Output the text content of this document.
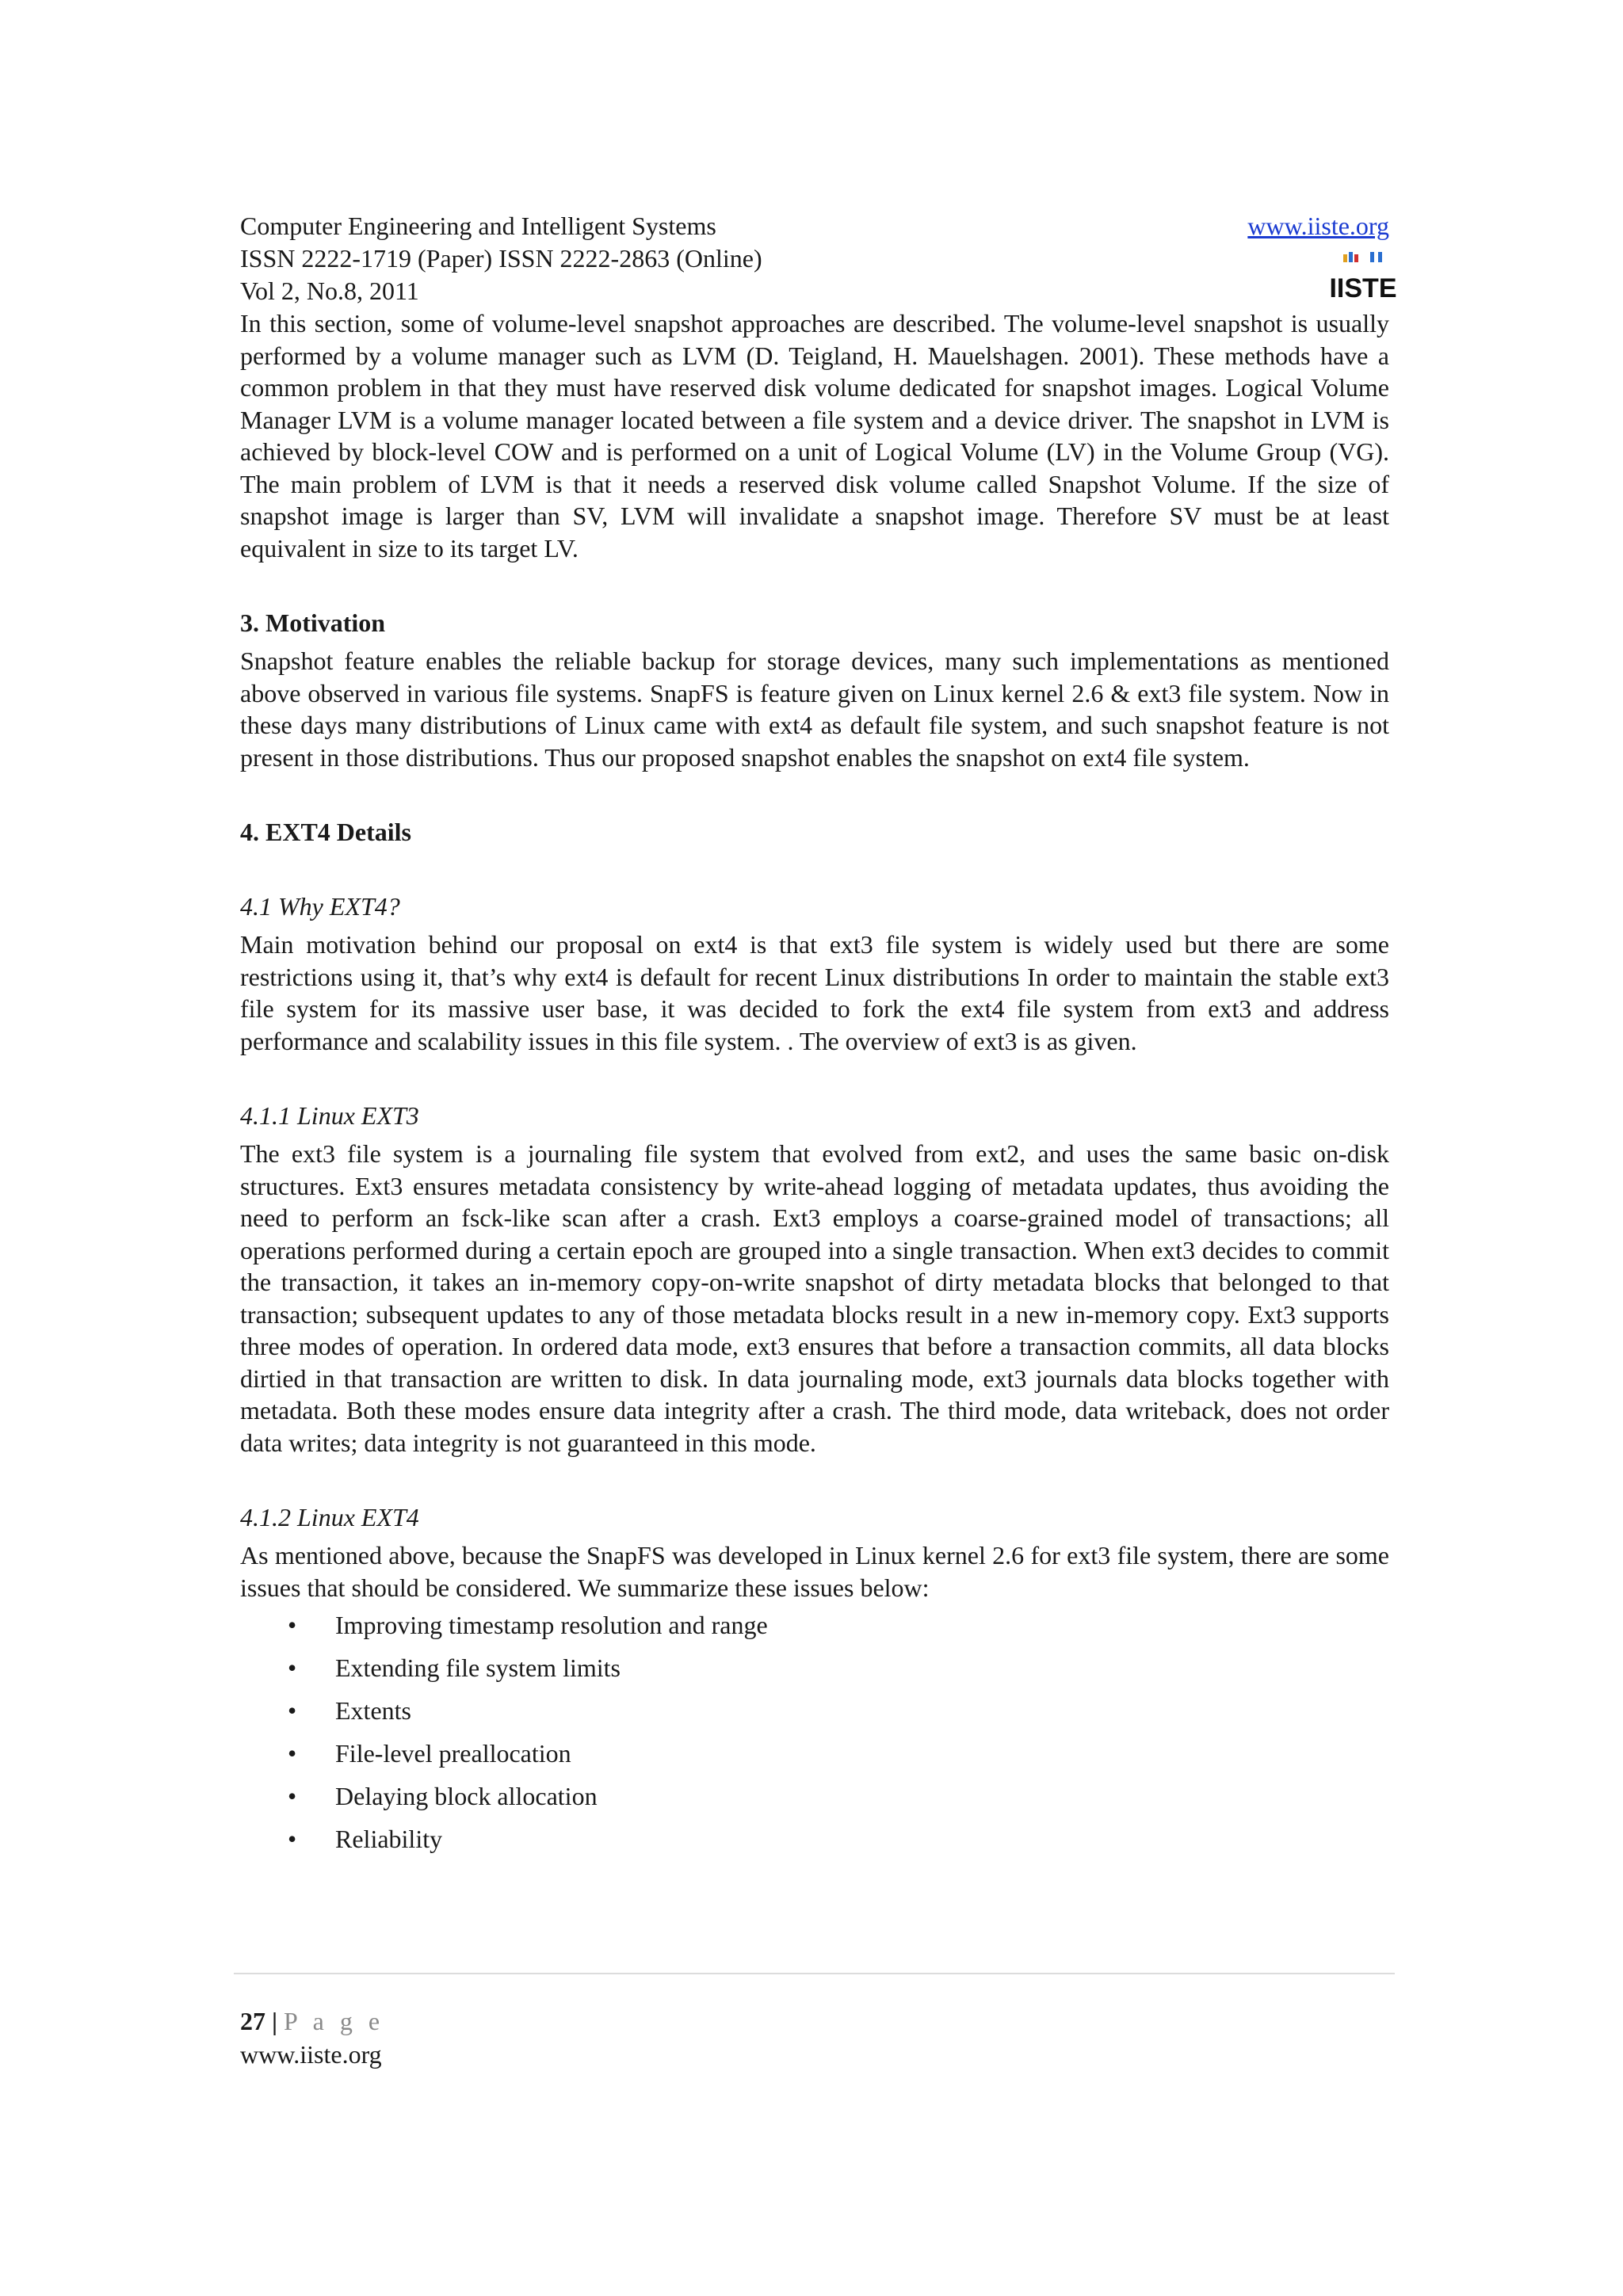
Computer Engineering and Intelligent Systems
ISSN 2222-1719 (Paper) ISSN 2222-2863 (Online)
Vol 2, No.8, 2011
www.iiste.org
IISTE

In this section, some of volume-level snapshot approaches are described. The volume-level snapshot is usually performed by a volume manager such as LVM (D. Teigland, H. Mauelshagen. 2001). These methods have a common problem in that they must have reserved disk volume dedicated for snapshot images. Logical Volume Manager LVM is a volume manager located between a file system and a device driver. The snapshot in LVM is achieved by block-level COW and is performed on a unit of Logical Volume (LV) in the Volume Group (VG). The main problem of LVM is that it needs a reserved disk volume called Snapshot Volume. If the size of snapshot image is larger than SV, LVM will invalidate a snapshot image. Therefore SV must be at least equivalent in size to its target LV.

3. Motivation

Snapshot feature enables the reliable backup for storage devices, many such implementations as mentioned above observed in various file systems. SnapFS is feature given on Linux kernel 2.6 & ext3 file system. Now in these days many distributions of Linux came with ext4 as default file system, and such snapshot feature is not present in those distributions. Thus our proposed snapshot enables the snapshot on ext4 file system.

4. EXT4 Details
4.1 Why EXT4?

Main motivation behind our proposal on ext4 is that ext3 file system is widely used but there are some restrictions using it, that’s why ext4 is default for recent Linux distributions In order to maintain the stable ext3 file system for its massive user base, it was decided to fork the ext4 file system from ext3 and address performance and scalability issues in this file system. . The overview of ext3 is as given.

4.1.1 Linux EXT3

The ext3 file system is a journaling file system that evolved from ext2, and uses the same basic on-disk structures. Ext3 ensures metadata consistency by write-ahead logging of metadata updates, thus avoiding the need to perform an fsck-like scan after a crash. Ext3 employs a coarse-grained model of transactions; all operations performed during a certain epoch are grouped into a single transaction. When ext3 decides to commit the transaction, it takes an in-memory copy-on-write snapshot of dirty metadata blocks that belonged to that transaction; subsequent updates to any of those metadata blocks result in a new in-memory copy. Ext3 supports three modes of operation. In ordered data mode, ext3 ensures that before a transaction commits, all data blocks dirtied in that transaction are written to disk. In data journaling mode, ext3 journals data blocks together with metadata. Both these modes ensure data integrity after a crash. The third mode, data writeback, does not order data writes; data integrity is not guaranteed in this mode.

4.1.2 Linux EXT4

As mentioned above, because the SnapFS was developed in Linux kernel 2.6 for ext3 file system, there are some issues that should be considered. We summarize these issues below:

• Improving timestamp resolution and range
• Extending file system limits
• Extents
• File-level preallocation
• Delaying block allocation
• Reliability
27 | P a g e
www.iiste.org
